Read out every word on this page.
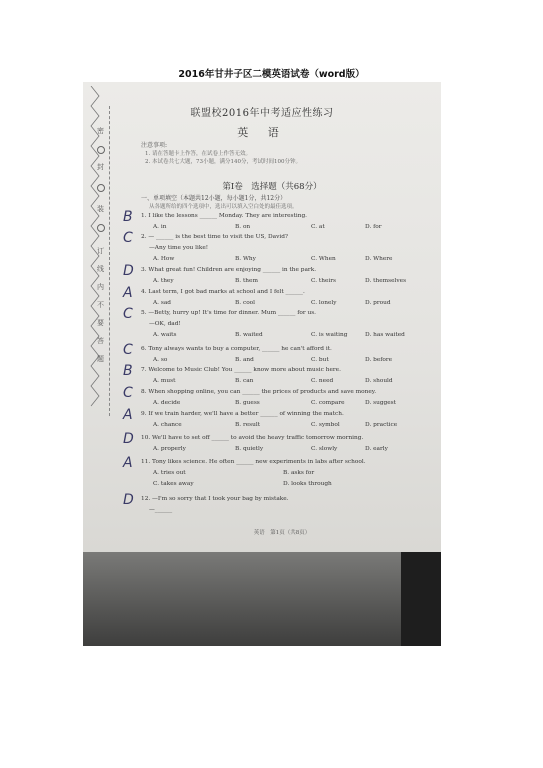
2016年甘井子区二模英语试卷（word版）
密
封
装
订
线
内
不
要
答
题
联盟校2016年中考适应性练习
英 语
注意事项:
1. 请在答题卡上作答，在试卷上作答无效。
2. 本试卷共七大题，73小题，满分140分，考试时间100分钟。
第Ⅰ卷　选择题（共68分）
一、单项填空（本题共12小题，每小题1分，共12分）
从各题所给的四个选项中，选出可以填入空白处的最佳选项。
1. I like the lessons ______ Monday. They are interesting.
A. in	B. on	C. at	D. for
B
2. — ______ is the best time to visit the US, David?
—Any time you like!
A. How	B. Why	C. When	D. Where
C
3. What great fun! Children are enjoying ______ in the park.
A. they	B. them	C. theirs	D. themselves
D
4. Last term, I got bad marks at school and I felt ______.
A. sad	B. cool	C. lonely	D. proud
A
5. —Betty, hurry up! It's time for dinner. Mum ______ for us.
—OK, dad!
A. waits	B. waited	C. is waiting	D. has waited
C
6. Tony always wants to buy a computer, ______ he can't afford it.
A. so	B. and	C. but	D. before
C
7. Welcome to Music Club! You ______ know more about music here.
A. must	B. can	C. need	D. should
B
8. When shopping online, you can ______ the prices of products and save money.
A. decide	B. guess	C. compare	D. suggest
C
9. If we train harder, we'll have a better ______ of winning the match.
A. chance	B. result	C. symbol	D. practice
A
10. We'll have to set off ______ to avoid the heavy traffic tomorrow morning.
A. properly	B. quietly	C. slowly	D. early
D
11. Tony likes science. He often ______ new experiments in labs after school.
A. tries out	B. asks for
C. takes away	D. looks through
A
12. —I'm so sorry that I took your bag by mistake.
—______
D
英语　第1页（共8页）
